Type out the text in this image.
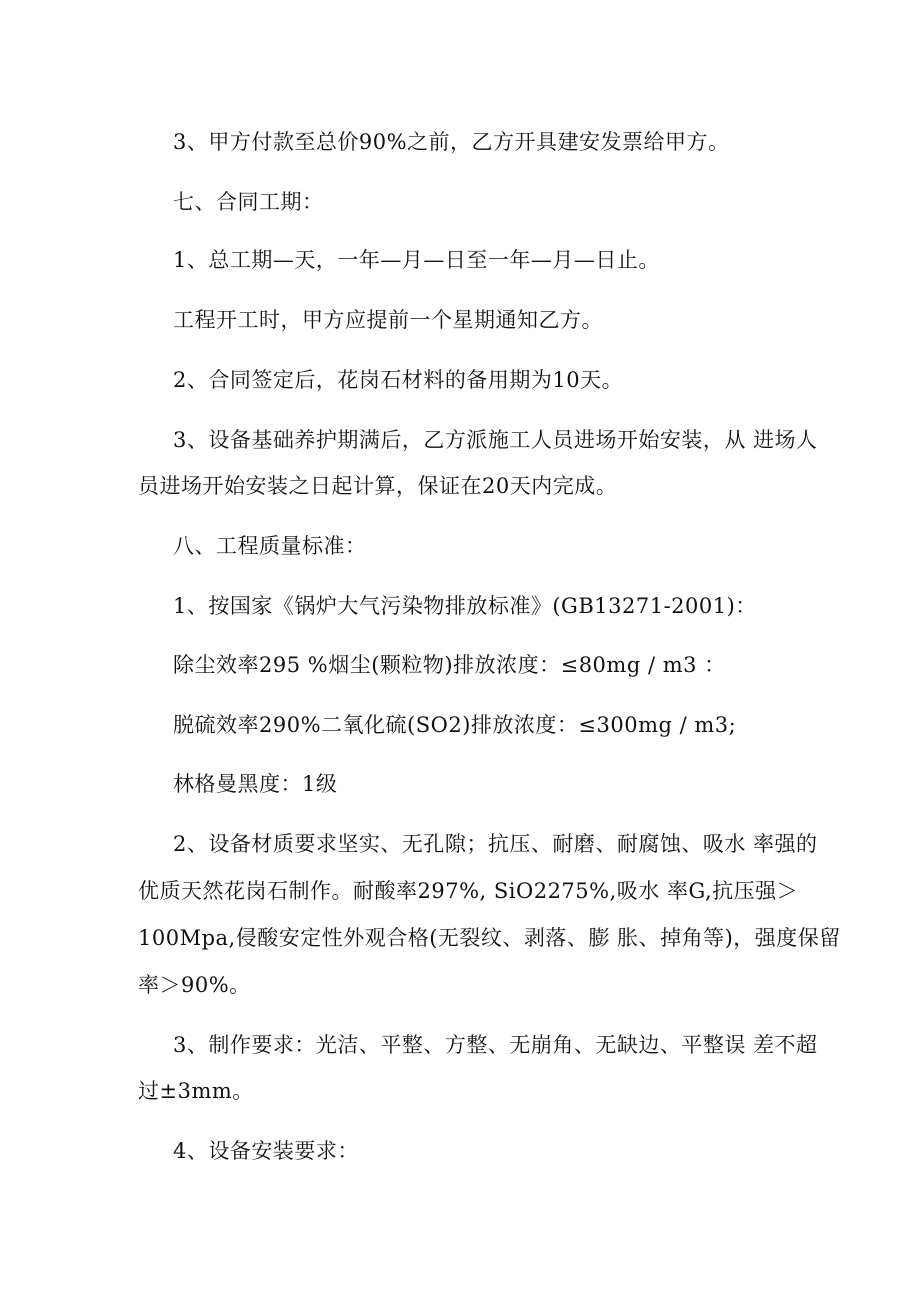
3、甲方付款至总价90%之前，乙方开具建安发票给甲方。
七、合同工期：
1、总工期—天，一年—月—日至一年—月—日止。
工程开工时，甲方应提前一个星期通知乙方。
2、合同签定后，花岗石材料的备用期为10天。
3、设备基础养护期满后，乙方派施工人员进场开始安装，从 进场人
员进场开始安装之日起计算，保证在20天内完成。
八、工程质量标准：
1、按国家《锅炉大气污染物排放标准》(GB13271-2001)：
除尘效率295 %烟尘(颗粒物)排放浓度：≤80mg / m3 ：
脱硫效率290%二氧化硫(SO2)排放浓度：≤300mg / m3;
林格曼黑度：1级
2、设备材质要求坚实、无孔隙；抗压、耐磨、耐腐蚀、吸水 率强的
优质天然花岗石制作。耐酸率297%, SiO2275%,吸水 率G,抗压强＞
100Mpa,侵酸安定性外观合格(无裂纹、剥落、膨 胀、掉角等)，强度保留
率＞90%。
3、制作要求：光洁、平整、方整、无崩角、无缺边、平整误 差不超
过±3mm。
4、设备安装要求：
